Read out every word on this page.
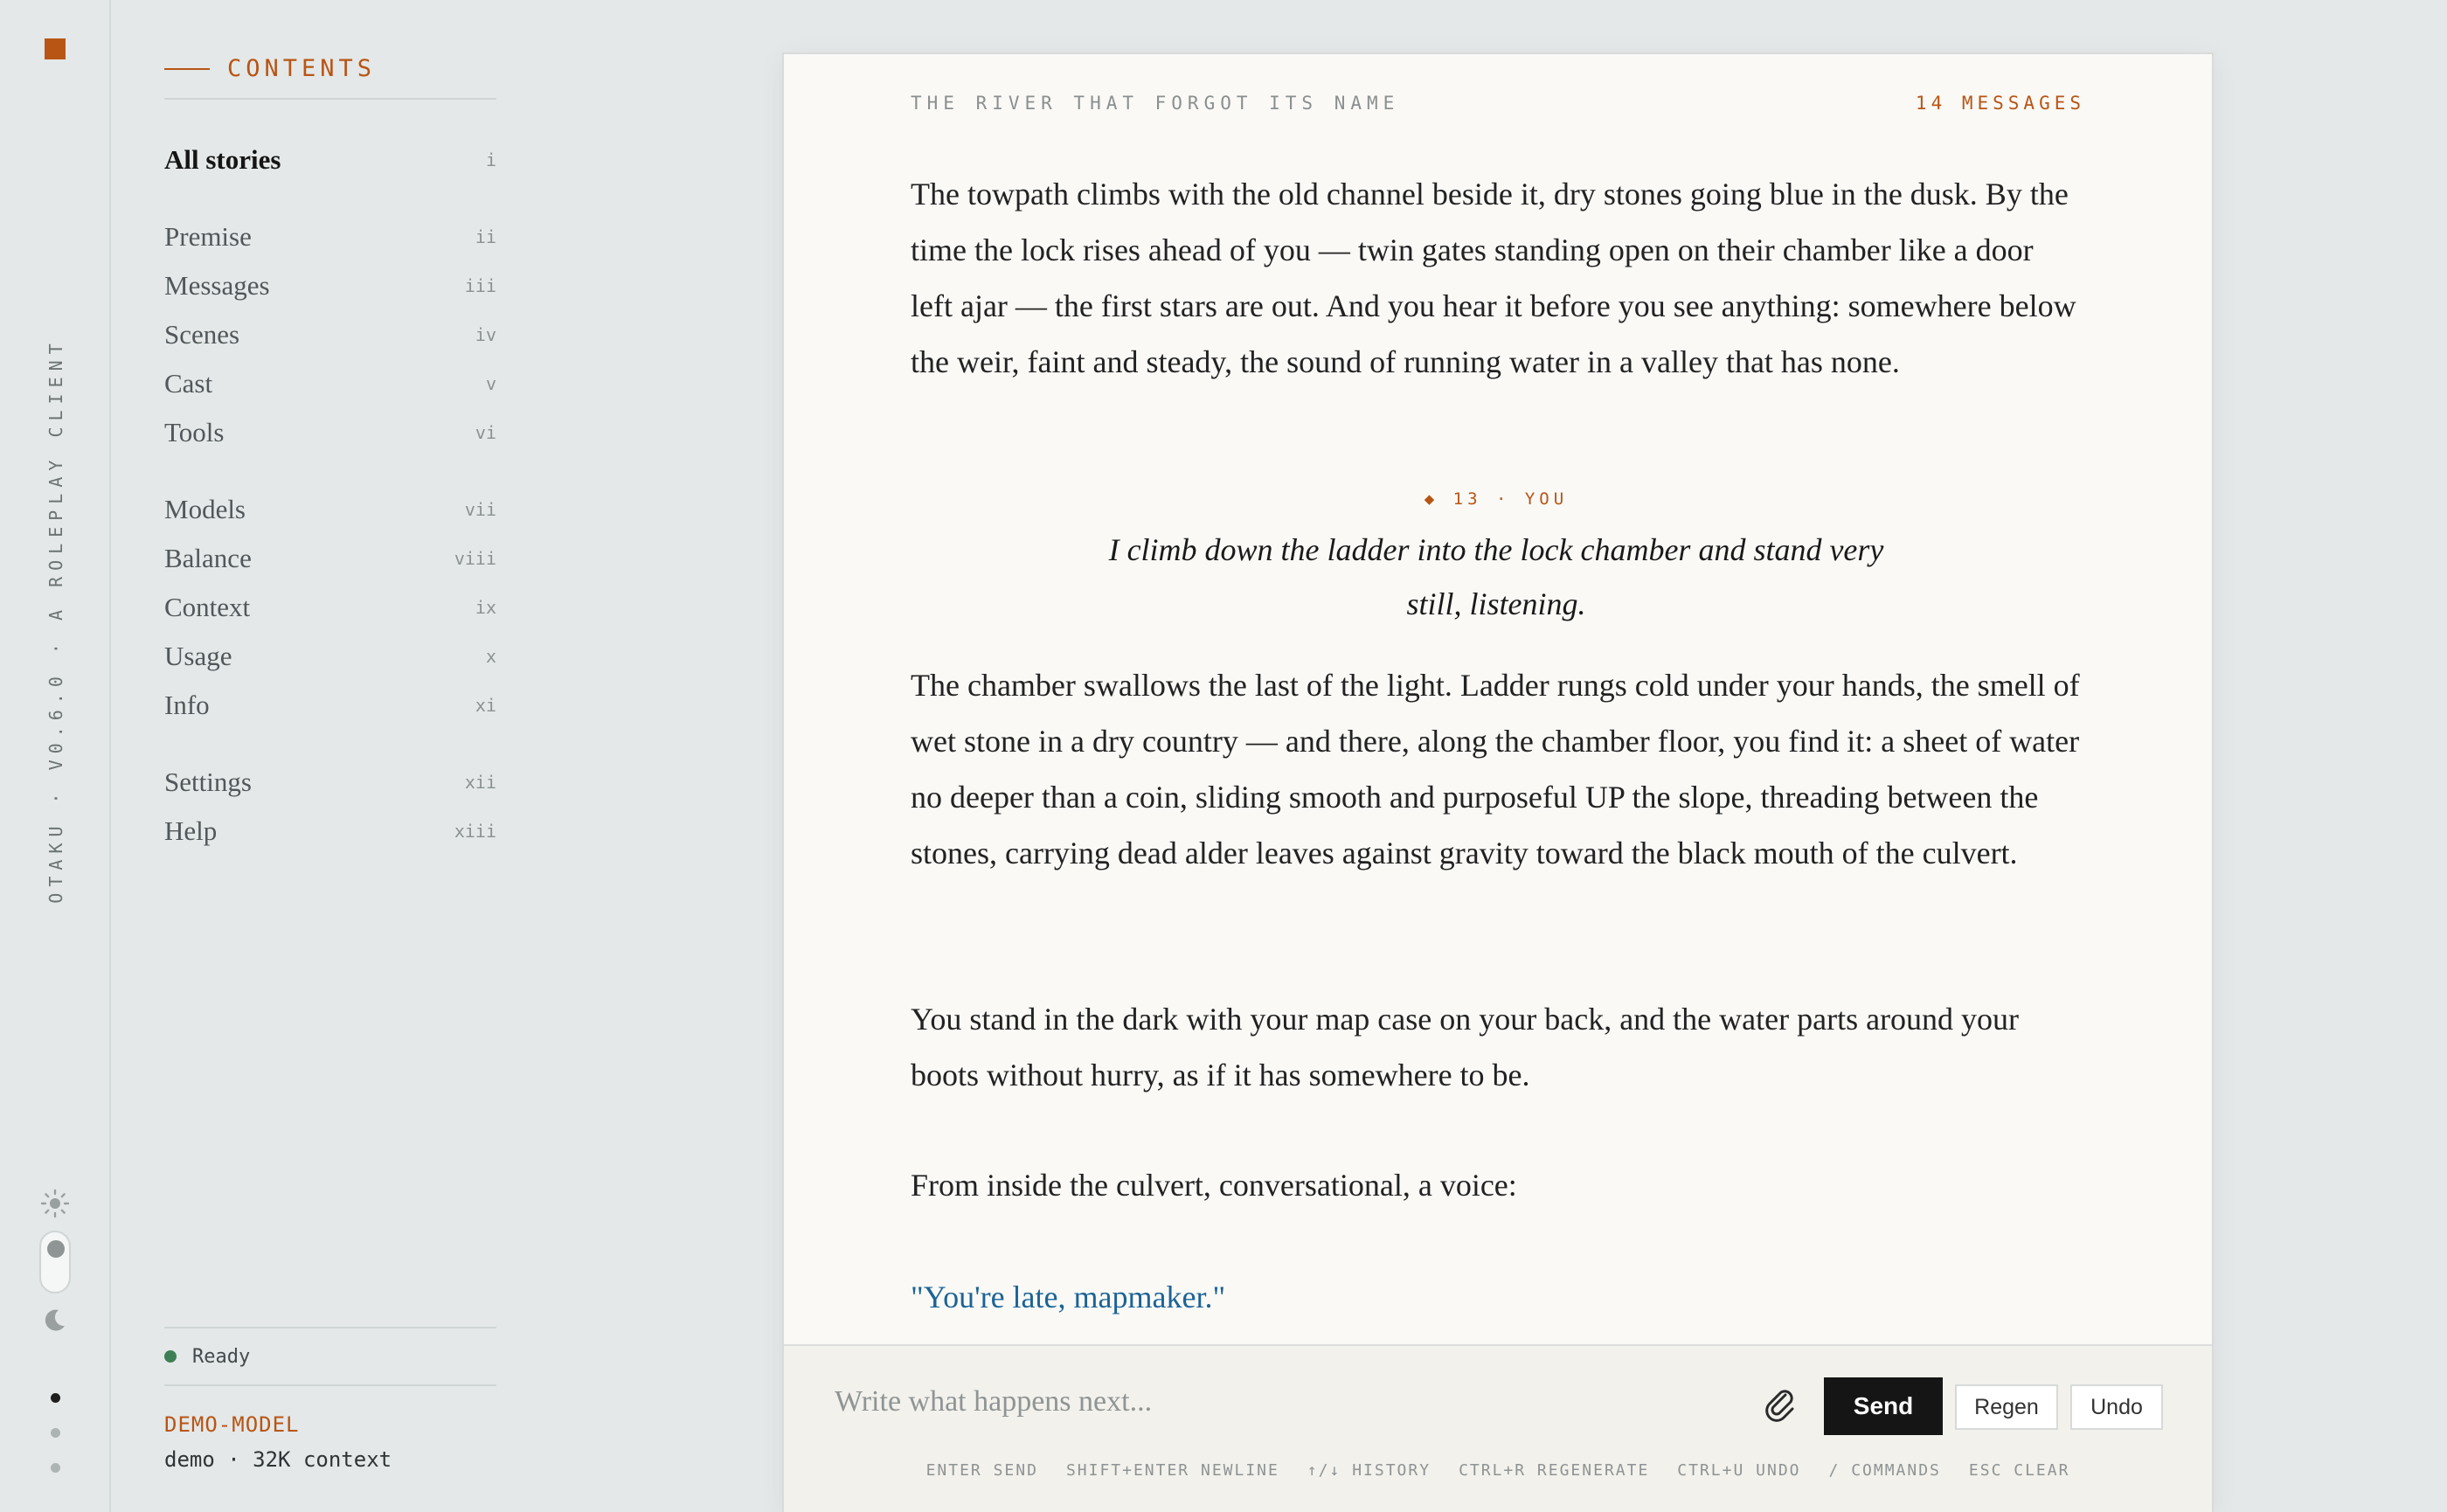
OTAKU · V0.6.0 · A ROLEPLAY CLIENT
CONTENTS
All stories	i
Premise	ii
Messages	iii
Scenes	iv
Cast	v
Tools	vi
Models	vii
Balance	viii
Context	ix
Usage	x
Info	xi
Settings	xii
Help	xiii
Ready
DEMO-MODEL
demo · 32K context
THE RIVER THAT FORGOT ITS NAME	14 MESSAGES

The towpath climbs with the old channel beside it, dry stones going blue in the dusk. By the time the lock rises ahead of you — twin gates standing open on their chamber like a door left ajar — the first stars are out. And you hear it before you see anything: somewhere below the weir, faint and steady, the sound of running water in a valley that has none.

◆ 13 · YOU

I climb down the ladder into the lock chamber and stand very still, listening.

The chamber swallows the last of the light. Ladder rungs cold under your hands, the smell of wet stone in a dry country — and there, along the chamber floor, you find it: a sheet of water no deeper than a coin, sliding smooth and purposeful UP the slope, threading between the stones, carrying dead alder leaves against gravity toward the black mouth of the culvert.

You stand in the dark with your map case on your back, and the water parts around your boots without hurry, as if it has somewhere to be.

From inside the culvert, conversational, a voice:

"You're late, mapmaker."

Write what happens next...
Send	Regen	Undo
ENTER SEND SHIFT+ENTER NEWLINE ↑/↓ HISTORY CTRL+R REGENERATE CTRL+U UNDO / COMMANDS ESC CLEAR
